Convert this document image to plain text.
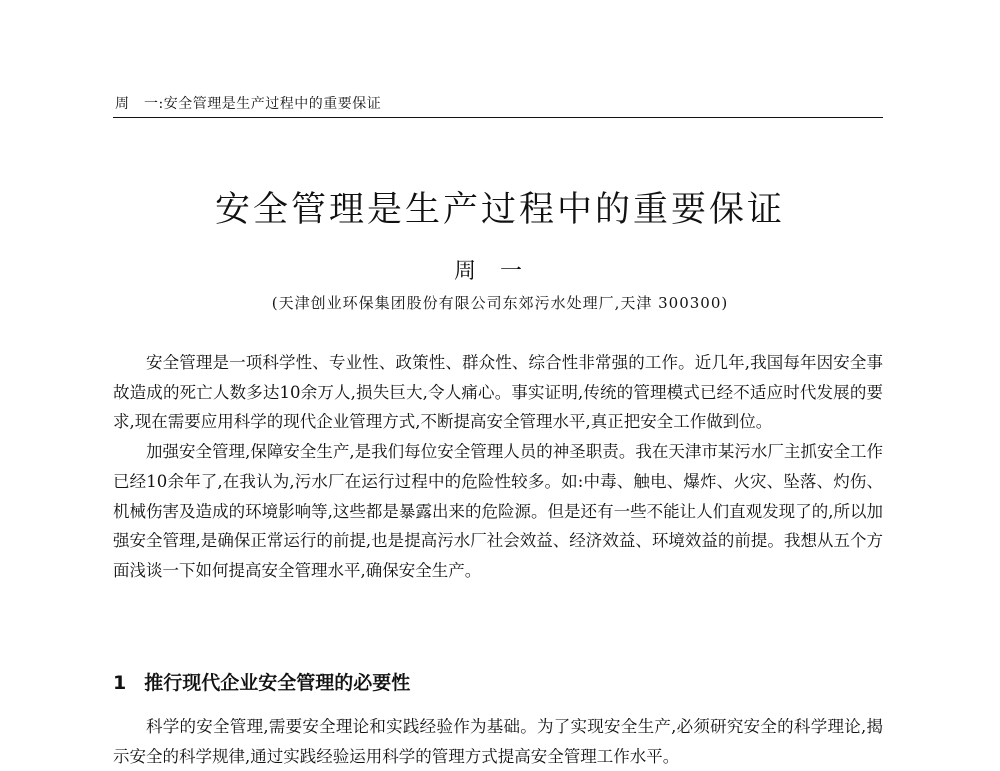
周　一:安全管理是生产过程中的重要保证
安全管理是生产过程中的重要保证
周一
(天津创业环保集团股份有限公司东郊污水处理厂,天津 300300)

安全管理是一项科学性、专业性、政策性、群众性、综合性非常强的工作。近几年,我国每年因安全事故造成的死亡人数多达10余万人,损失巨大,令人痛心。事实证明,传统的管理模式已经不适应时代发展的要求,现在需要应用科学的现代企业管理方式,不断提高安全管理水平,真正把安全工作做到位。

加强安全管理,保障安全生产,是我们每位安全管理人员的神圣职责。我在天津市某污水厂主抓安全工作已经10余年了,在我认为,污水厂在运行过程中的危险性较多。如:中毒、触电、爆炸、火灾、坠落、灼伤、机械伤害及造成的环境影响等,这些都是暴露出来的危险源。但是还有一些不能让人们直观发现了的,所以加强安全管理,是确保正常运行的前提,也是提高污水厂社会效益、经济效益、环境效益的前提。我想从五个方面浅谈一下如何提高安全管理水平,确保安全生产。

1 推行现代企业安全管理的必要性

科学的安全管理,需要安全理论和实践经验作为基础。为了实现安全生产,必须研究安全的科学理论,揭示安全的科学规律,通过实践经验运用科学的管理方式提高安全管理工作水平。
